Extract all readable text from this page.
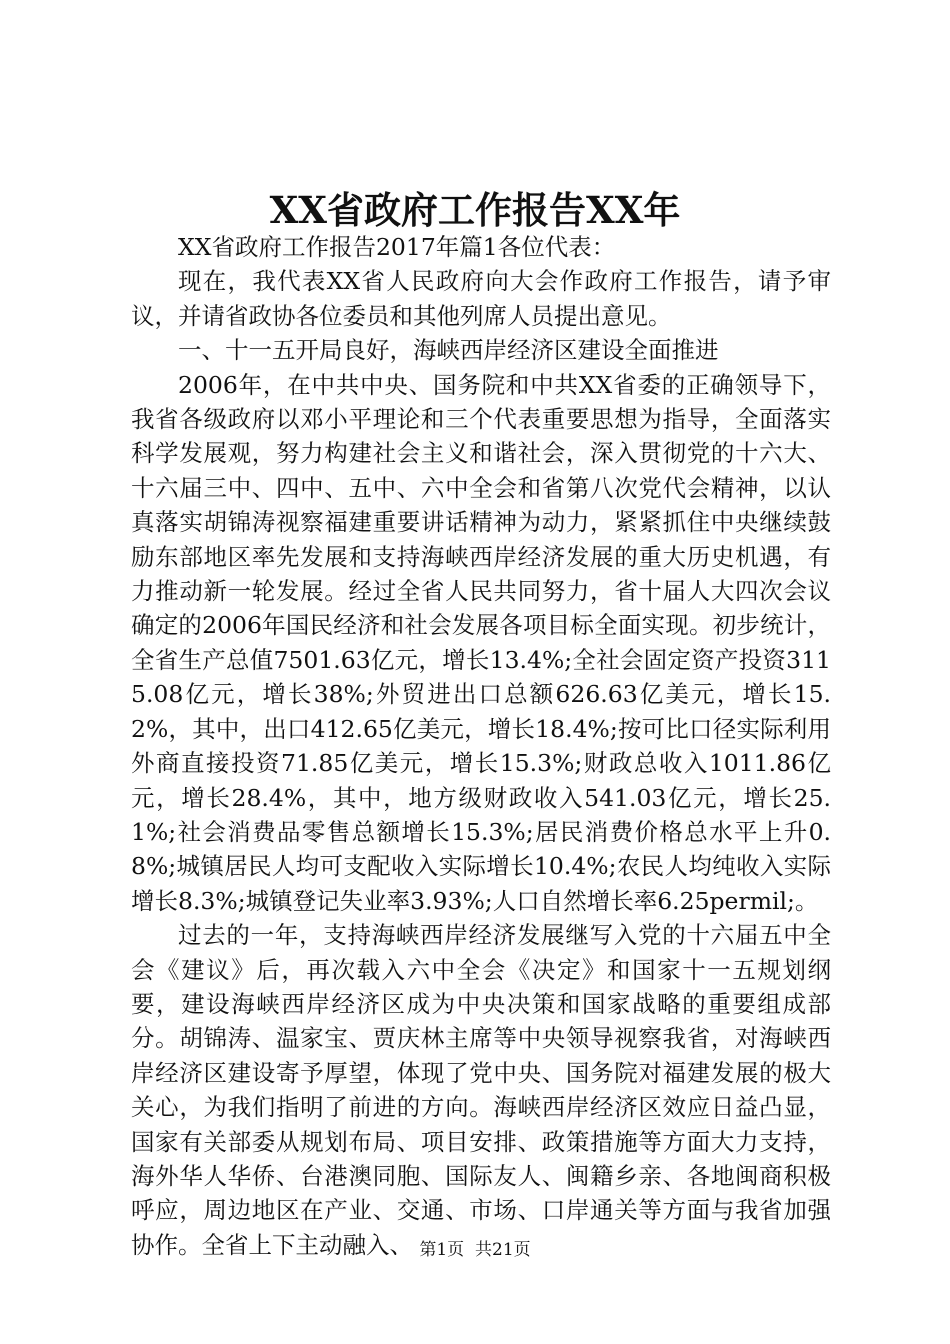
XX省政府工作报告XX年

XX省政府工作报告2017年篇1各位代表：

现在，我代表XX省人民政府向大会作政府工作报告，请予审议，并请省政协各位委员和其他列席人员提出意见。

一、十一五开局良好，海峡西岸经济区建设全面推进

2006年，在中共中央、国务院和中共XX省委的正确领导下，我省各级政府以邓小平理论和三个代表重要思想为指导，全面落实科学发展观，努力构建社会主义和谐社会，深入贯彻党的十六大、十六届三中、四中、五中、六中全会和省第八次党代会精神，以认真落实胡锦涛视察福建重要讲话精神为动力，紧紧抓住中央继续鼓励东部地区率先发展和支持海峡西岸经济发展的重大历史机遇，有力推动新一轮发展。经过全省人民共同努力，省十届人大四次会议确定的2006年国民经济和社会发展各项目标全面实现。初步统计，全省生产总值7501.63亿元，增长13.4%;全社会固定资产投资3115.08亿元，增长38%;外贸进出口总额626.63亿美元，增长15.2%，其中，出口412.65亿美元，增长18.4%;按可比口径实际利用外商直接投资71.85亿美元，增长15.3%;财政总收入1011.86亿元，增长28.4%，其中，地方级财政收入541.03亿元，增长25.1%;社会消费品零售总额增长15.3%;居民消费价格总水平上升0.8%;城镇居民人均可支配收入实际增长10.4%;农民人均纯收入实际增长8.3%;城镇登记失业率3.93%;人口自然增长率6.25permil;。

过去的一年，支持海峡西岸经济发展继写入党的十六届五中全会《建议》后，再次载入六中全会《决定》和国家十一五规划纲要，建设海峡西岸经济区成为中央决策和国家战略的重要组成部分。胡锦涛、温家宝、贾庆林主席等中央领导视察我省，对海峡西岸经济区建设寄予厚望，体现了党中央、国务院对福建发展的极大关心，为我们指明了前进的方向。海峡西岸经济区效应日益凸显，国家有关部委从规划布局、项目安排、政策措施等方面大力支持，海外华人华侨、台港澳同胞、国际友人、闽籍乡亲、各地闽商积极呼应，周边地区在产业、交通、市场、口岸通关等方面与我省加强协作。全省上下主动融入、 第1页 共21页
